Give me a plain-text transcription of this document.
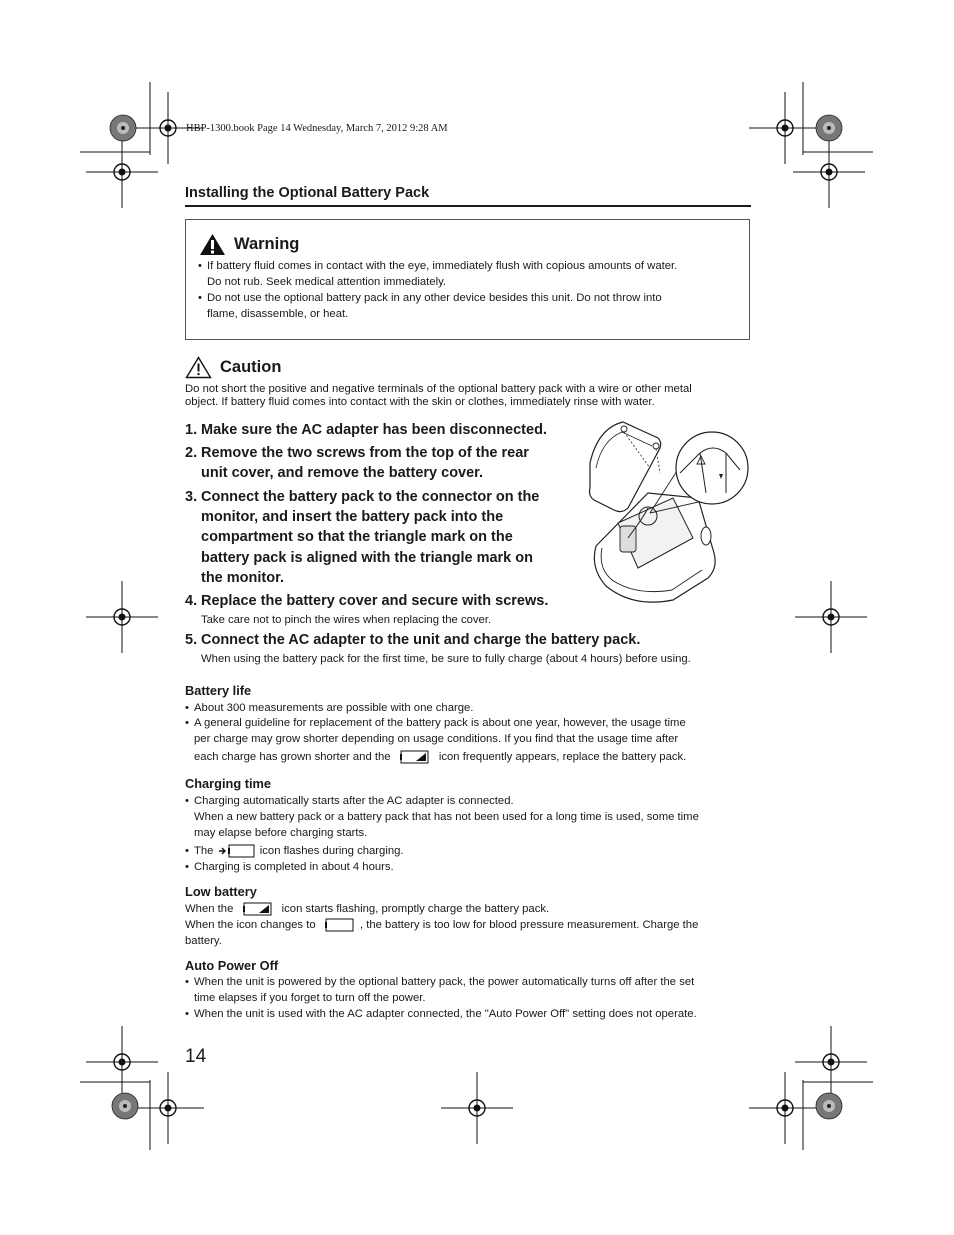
HBP-1300.book Page 14 Wednesday, March 7, 2012 9:28 AM
Installing the Optional Battery Pack
Warning
• If battery fluid comes in contact with the eye, immediately flush with copious amounts of water.
Do not rub. Seek medical attention immediately.
• Do not use the optional battery pack in any other device besides this unit. Do not throw into
flame, disassemble, or heat.
Caution
Do not short the positive and negative terminals of the optional battery pack with a wire or other metal
object. If battery fluid comes into contact with the skin or clothes, immediately rinse with water.
1. Make sure the AC adapter has been disconnected.
2. Remove the two screws from the top of the rear
unit cover, and remove the battery cover.
3. Connect the battery pack to the connector on the
monitor, and insert the battery pack into the
compartment so that the triangle mark on the
battery pack is aligned with the triangle mark on
the monitor.
4. Replace the battery cover and secure with screws.
Take care not to pinch the wires when replacing the cover.
5. Connect the AC adapter to the unit and charge the battery pack.
When using the battery pack for the first time, be sure to fully charge (about 4 hours) before using.
Battery life
• About 300 measurements are possible with one charge.
• A general guideline for replacement of the battery pack is about one year, however, the usage time
per charge may grow shorter depending on usage conditions. If you find that the usage time after
each charge has grown shorter and the	icon frequently appears, replace the battery pack.
Charging time
• Charging automatically starts after the AC adapter is connected.
When a new battery pack or a battery pack that has not been used for a long time is used, some time
may elapse before charging starts.
• The	icon flashes during charging.
• Charging is completed in about 4 hours.
Low battery
When the	icon starts flashing, promptly charge the battery pack.
When the icon changes to	, the battery is too low for blood pressure measurement. Charge the
battery.
Auto Power Off
• When the unit is powered by the optional battery pack, the power automatically turns off after the set
time elapses if you forget to turn off the power.
• When the unit is used with the AC adapter connected, the "Auto Power Off" setting does not operate.
14
